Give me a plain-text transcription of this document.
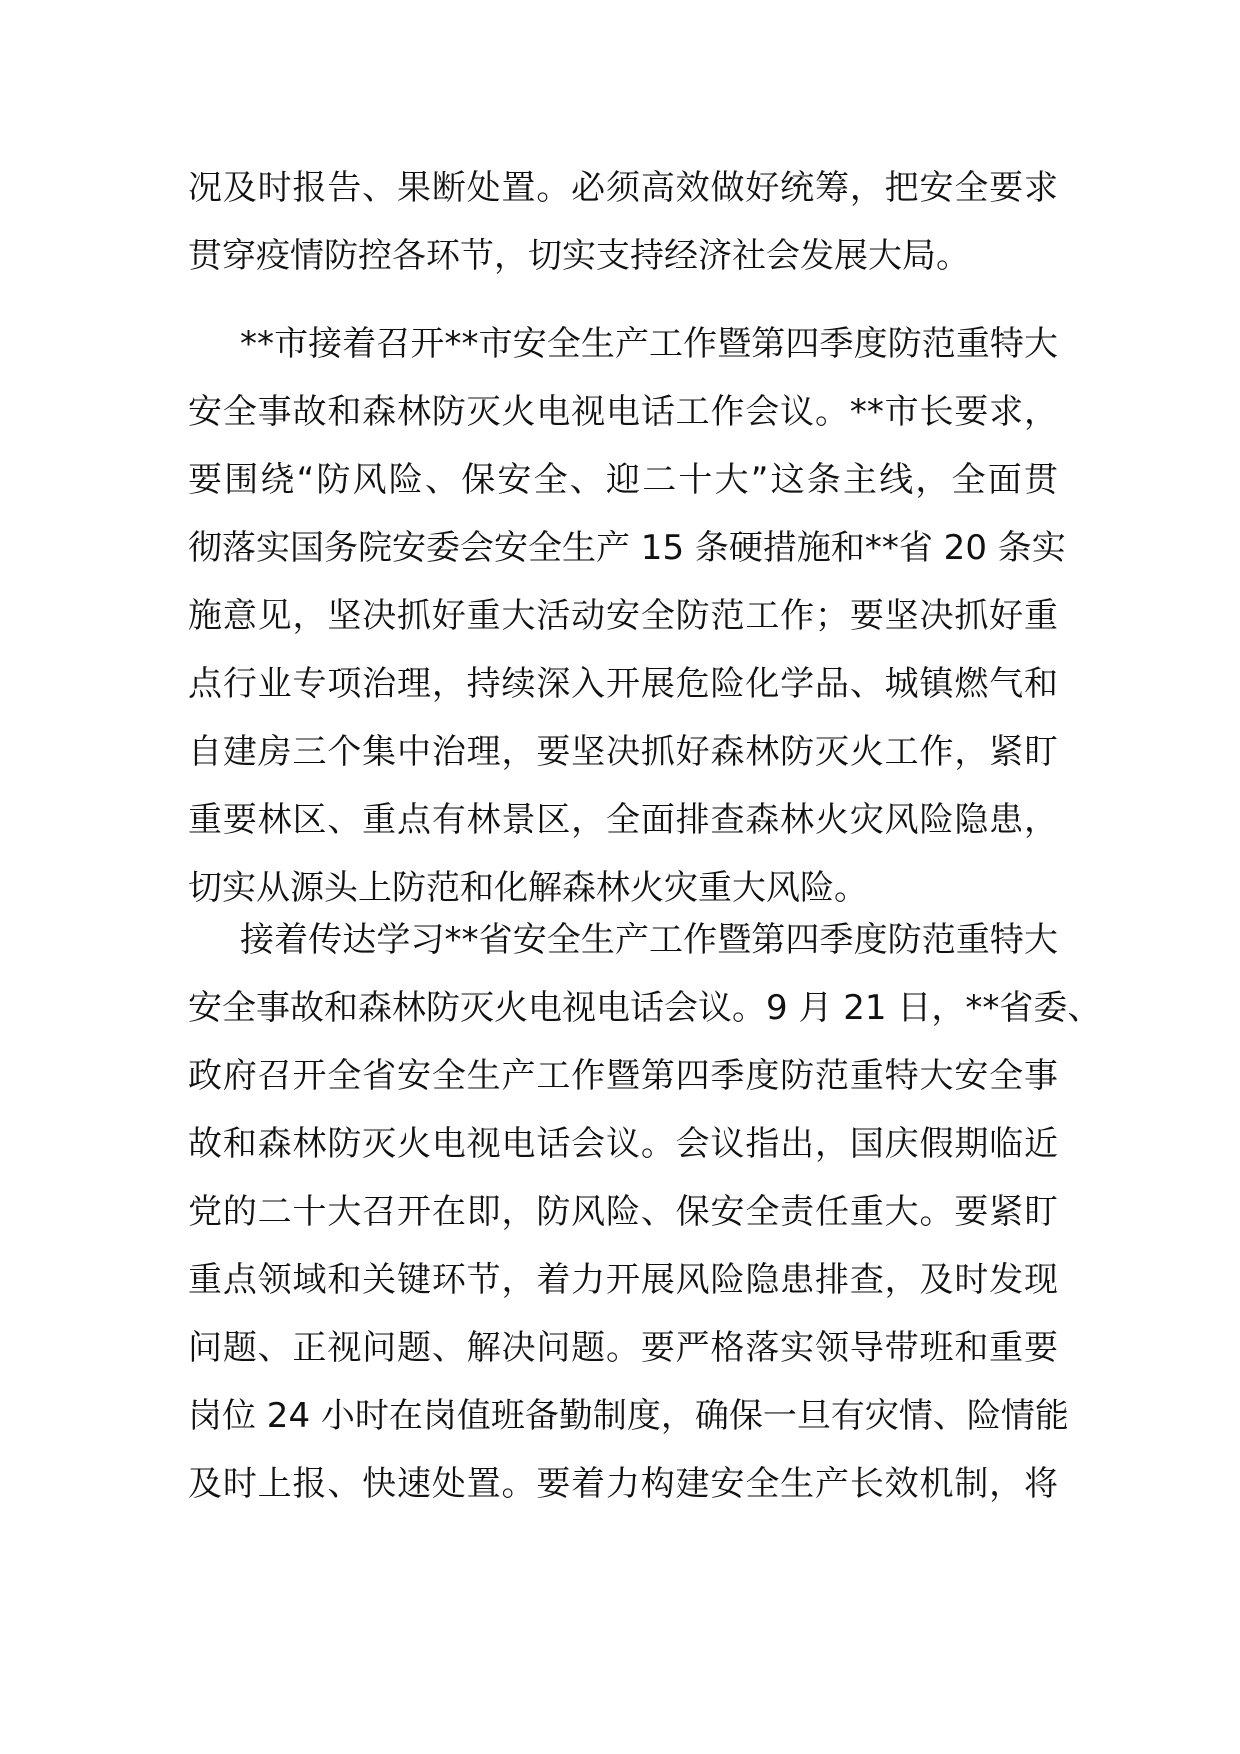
况及时报告、果断处置。必须高效做好统筹，把安全要求
贯穿疫情防控各环节，切实支持经济社会发展大局。
**市接着召开**市安全生产工作暨第四季度防范重特大
安全事故和森林防灭火电视电话工作会议。**市长要求，
要围绕“防风险、保安全、迎二十大”这条主线，全面贯
彻落实国务院安委会安全生产 15 条硬措施和**省 20 条实
施意见，坚决抓好重大活动安全防范工作；要坚决抓好重
点行业专项治理，持续深入开展危险化学品、城镇燃气和
自建房三个集中治理，要坚决抓好森林防灭火工作，紧盯
重要林区、重点有林景区，全面排查森林火灾风险隐患，
切实从源头上防范和化解森林火灾重大风险。
接着传达学习**省安全生产工作暨第四季度防范重特大
安全事故和森林防灭火电视电话会议。9 月 21 日，**省委、
政府召开全省安全生产工作暨第四季度防范重特大安全事
故和森林防灭火电视电话会议。会议指出，国庆假期临近
党的二十大召开在即，防风险、保安全责任重大。要紧盯
重点领域和关键环节，着力开展风险隐患排查，及时发现
问题、正视问题、解决问题。要严格落实领导带班和重要
岗位 24 小时在岗值班备勤制度，确保一旦有灾情、险情能
及时上报、快速处置。要着力构建安全生产长效机制，将
